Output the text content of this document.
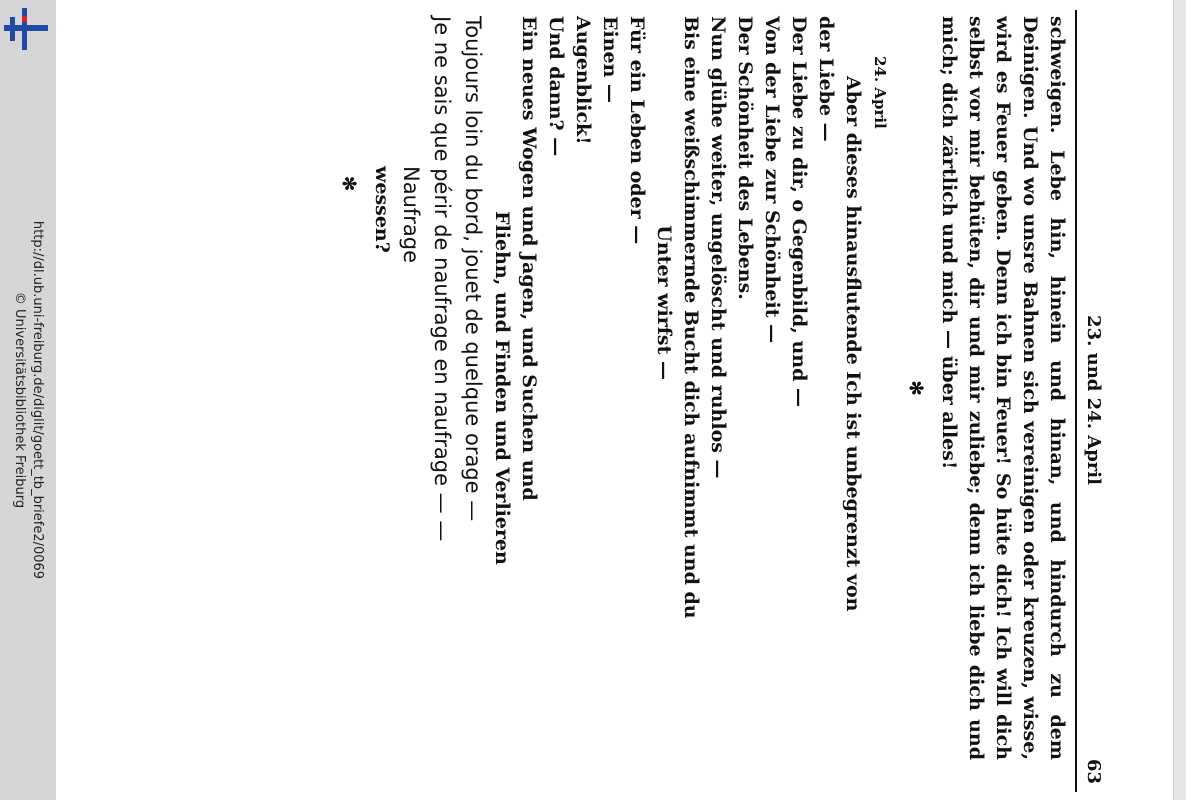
http://dl.ub.uni-freiburg.de/diglit/goett_tb_briefe2/0069
© Universitätsbibliothek Freiburg	23. und 24. April
63

schweigen. Lebe hin, hinein und hinan, und hindurch zu dem Deinigen. Und wo unsre Bahnen sich vereinigen oder kreuzen, wisse, wird es Feuer geben. Denn ich bin Feuer! So hüte dich! Ich will dich selbst vor mir behüten, dir und mir zuliebe; denn ich liebe dich und mich; dich zärtlich und mich — über alles!

✻

24. April

Aber dieses hinausflutende Ich ist unbegrenzt von

der Liebe —

Der Liebe zu dir, o Gegenbild, und —

Von der Liebe zur Schönheit —

Der Schönheit des Lebens.

Nun glühe weiter, ungelöscht und ruhlos —

Bis eine weißschimmernde Bucht dich aufnimmt und du

Unter wirfst —

Für ein Leben oder —

Einen —

Augenblick!

Und dann? —

Ein neues Wogen und Jagen, und Suchen und

Fliehn, und Finden und Verlieren

Toujours loin du bord, jouet de quelque orage —

Je ne sais que périr de naufrage en naufrage — —

Naufrage

wessen?

✻
